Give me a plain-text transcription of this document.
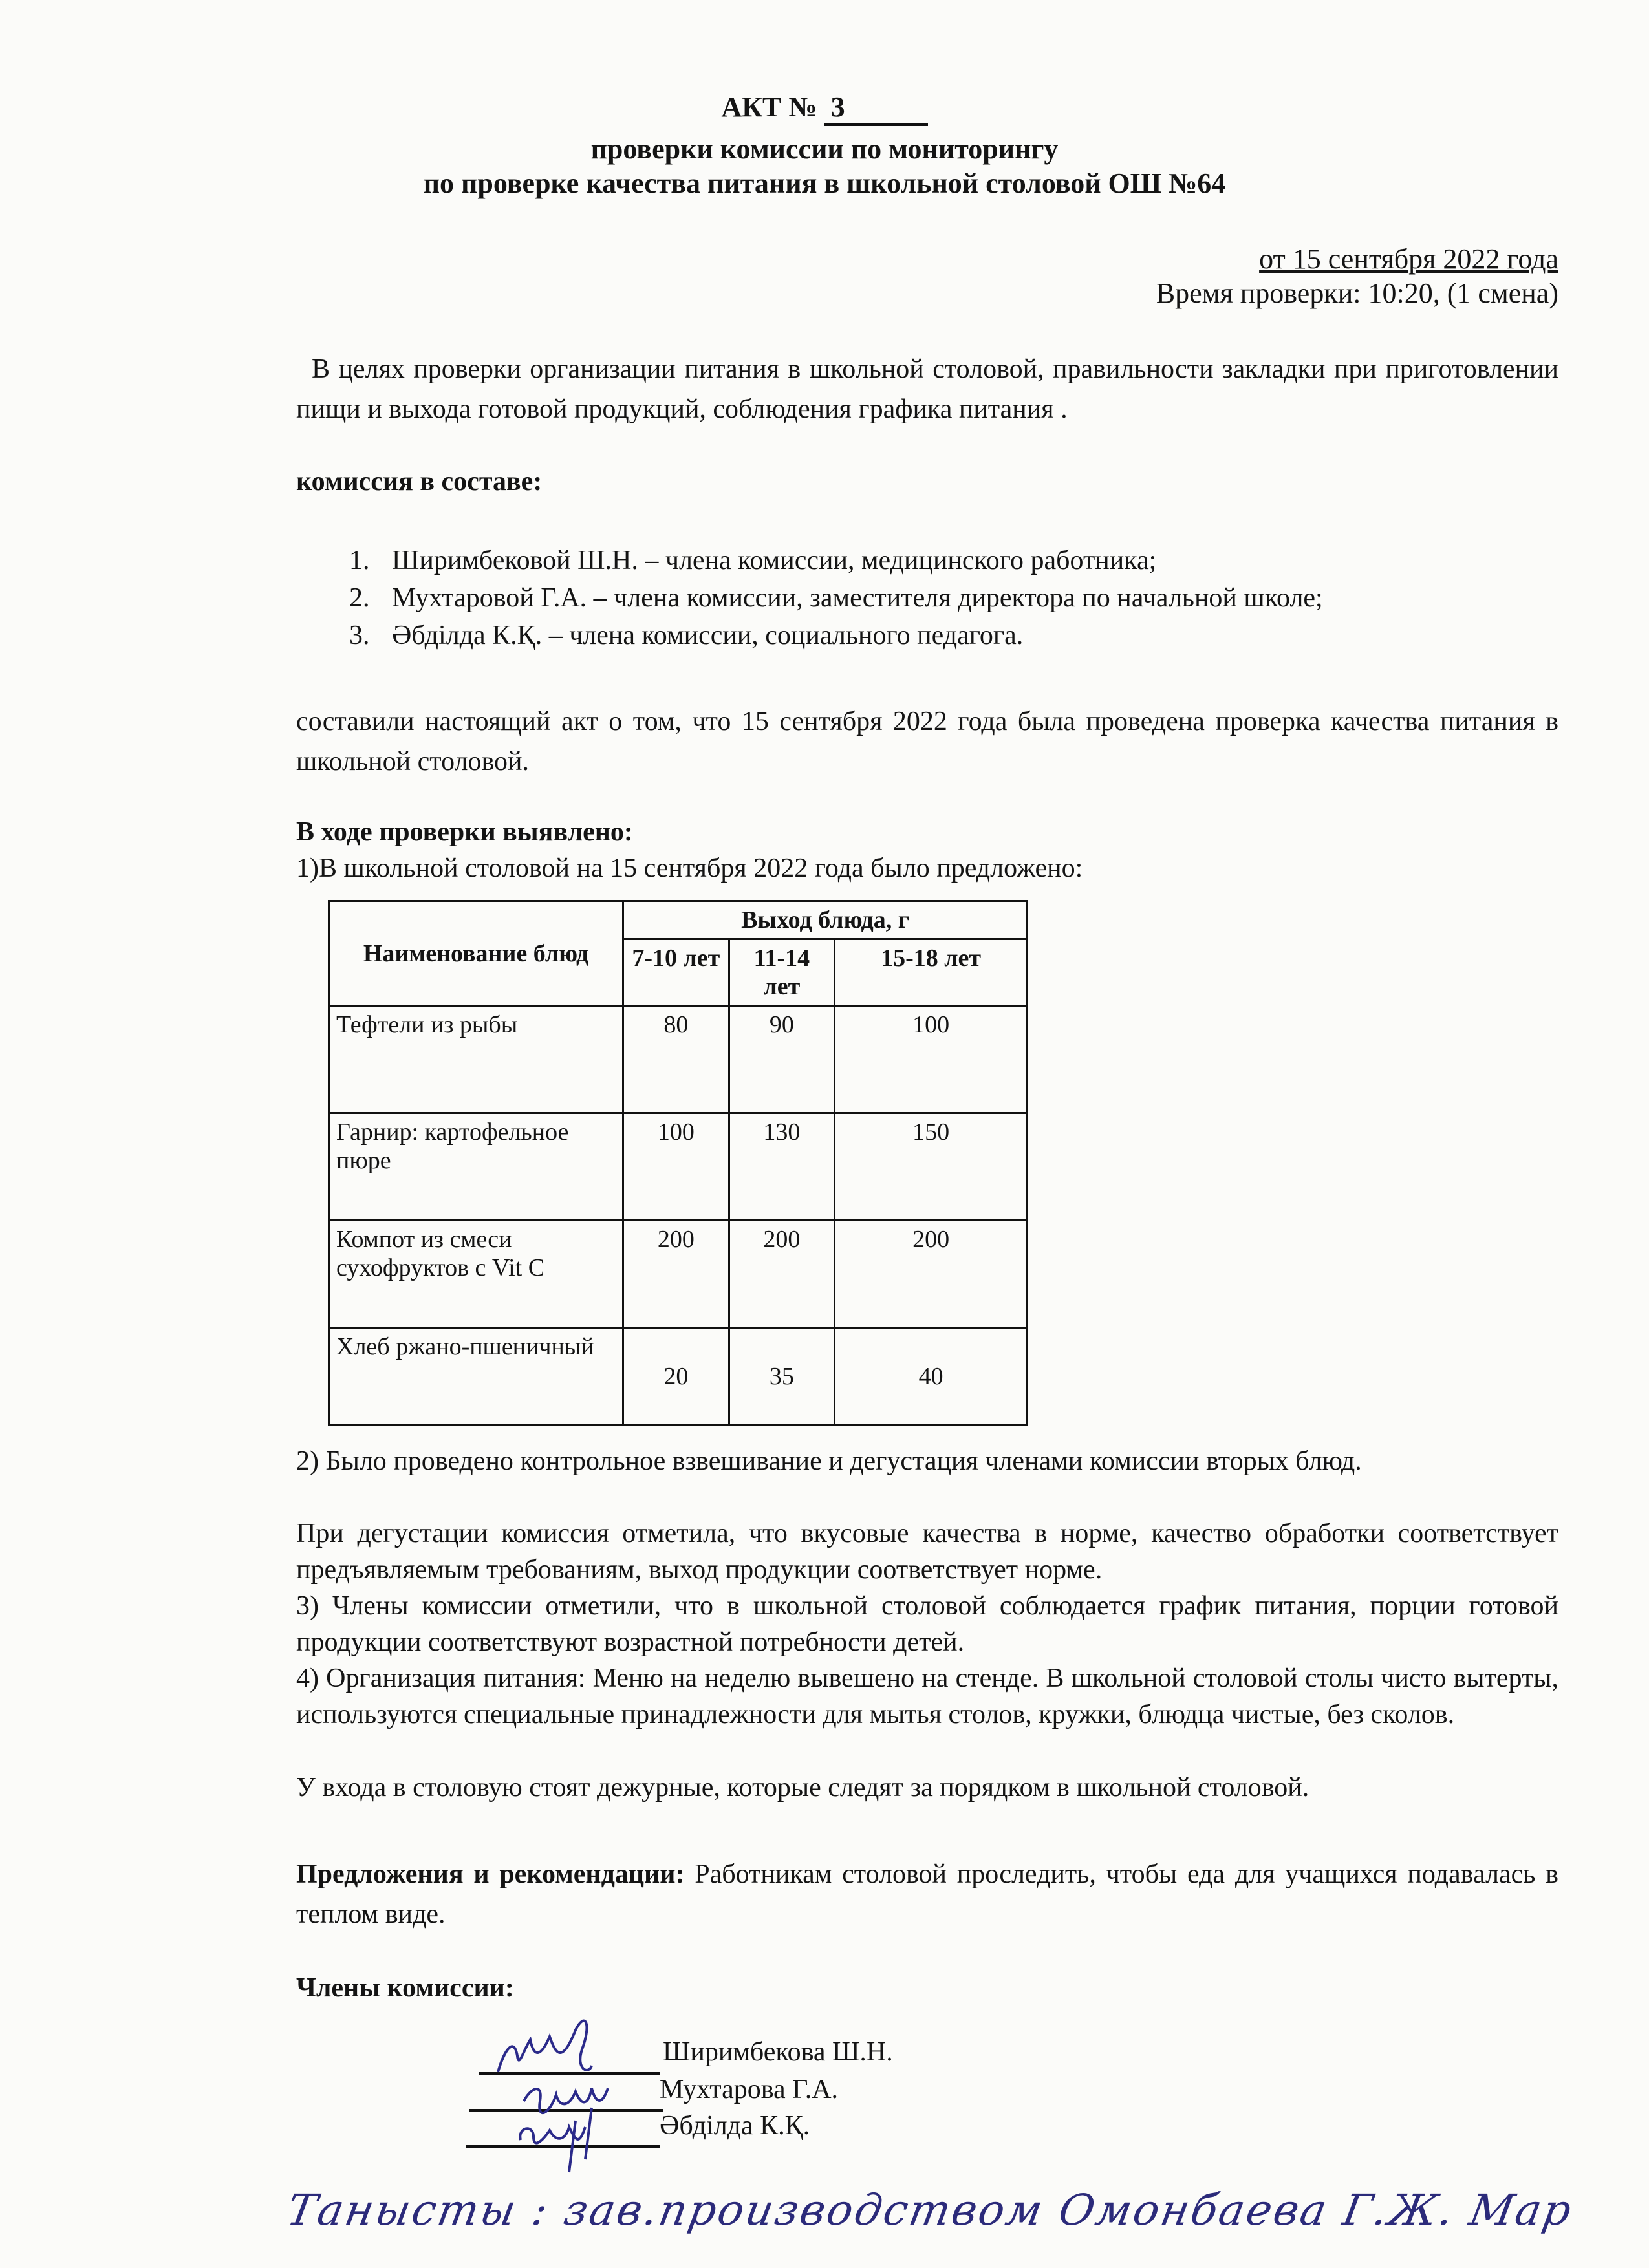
АКТ № 3
проверки комиссии по мониторингу
по проверке качества питания в школьной столовой ОШ №64
от 15 сентября 2022 года
Время проверки: 10:20, (1 смена)
В целях проверки организации питания в школьной столовой, правильности закладки при приготовлении пищи и выхода готовой продукций, соблюдения графика питания .
комиссия в составе:
1. Ширимбековой Ш.Н. – члена комиссии, медицинского работника;
2. Мухтаровой Г.А. – члена комиссии, заместителя директора по начальной школе;
3. Әбділда К.Қ. – члена комиссии, социального педагога.
составили настоящий акт о том, что 15 сентября 2022 года была проведена проверка качества питания в школьной столовой.
В ходе проверки выявлено:
1)В школьной столовой на 15 сентября 2022 года было предложено:
Наименование блюд	Выход блюда, г		
	7-10 лет	11-14 лет	15-18 лет
Тефтели из рыбы	80	90	100
Гарнир: картофельное пюре	100	130	150
Компот из смеси сухофруктов с Vit C	200	200	200
Хлеб ржано-пшеничный	20	35	40
2) Было проведено контрольное взвешивание и дегустация членами комиссии вторых блюд.
При дегустации комиссия отметила, что вкусовые качества в норме, качество обработки соответствует предъявляемым требованиям, выход продукции соответствует норме.
3) Члены комиссии отметили, что в школьной столовой соблюдается график питания, порции готовой продукции соответствуют возрастной потребности детей.
4) Организация питания: Меню на неделю вывешено на стенде. В школьной столовой столы чисто вытерты, используются специальные принадлежности для мытья столов, кружки, блюдца чистые, без сколов.
У входа в столовую стоят дежурные, которые следят за порядком в школьной столовой.
Предложения и рекомендации: Работникам столовой проследить, чтобы еда для учащихся подавалась в теплом виде.
Члены комиссии:
Ширимбекова Ш.Н.
Мухтарова Г.А.
Әбділда К.Қ.
Танысты : зав.производством Омонбаева Г.Ж. Мар
